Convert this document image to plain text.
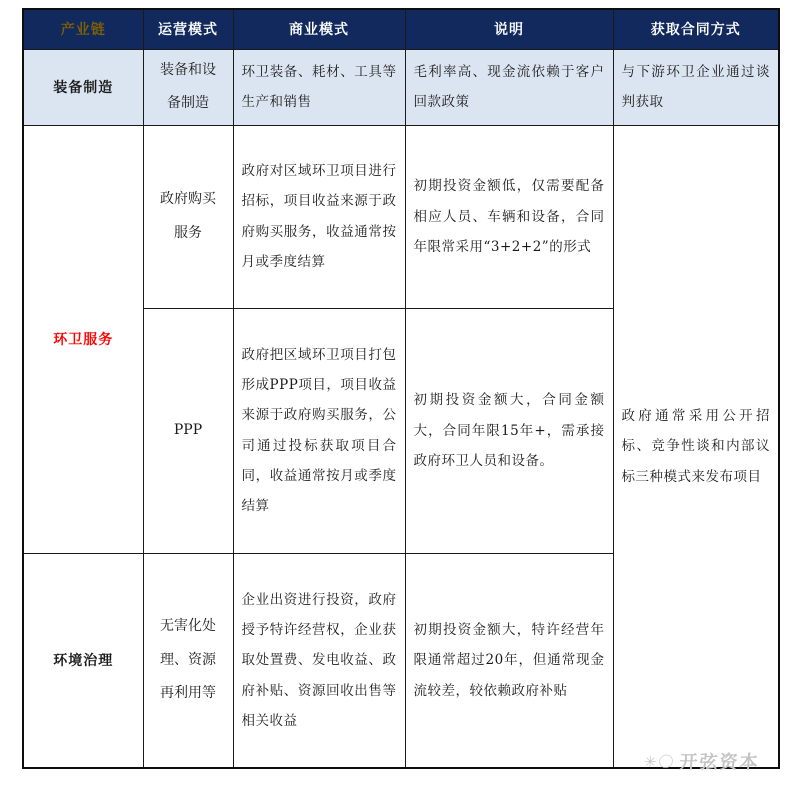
产业链	运营模式	商业模式	说明	获取合同方式
装备制造	装备和设备制造	环卫装备、耗材、工具等生产和销售	毛利率高、现金流依赖于客户回款政策	与下游环卫企业通过谈判获取
环卫服务	政府购买服务	政府对区域环卫项目进行招标，项目收益来源于政府购买服务，收益通常按月或季度结算	初期投资金额低，仅需要配备相应人员、车辆和设备，合同年限常采用“3+2+2”的形式	政府通常采用公开招标、竞争性谈和内部议标三种模式来发布项目
	PPP	政府把区域环卫项目打包形成PPP项目，项目收益来源于政府购买服务，公司通过投标获取项目合同，收益通常按月或季度结算	初期投资金额大，合同金额大，合同年限15年+，需承接政府环卫人员和设备。	
环境治理	无害化处理、资源再利用等	企业出资进行投资，政府授予特许经营权，企业获取处置费、发电收益、政府补贴、资源回收出售等相关收益	初期投资金额大，特许经营年限通常超过20年，但通常现金流较差，较依赖政府补贴	
✳〇 开弦资本
